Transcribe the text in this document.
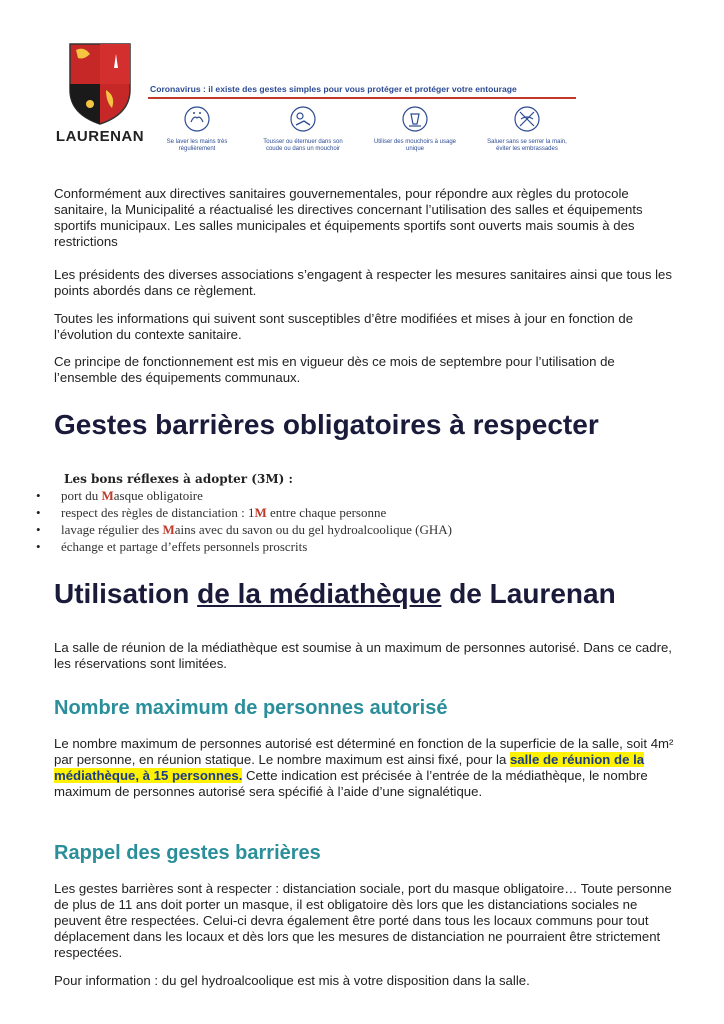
LAURENAN
Coronavirus : il existe des gestes simples pour vous protéger et protéger votre entourage
Se laver les mains très régulièrement
Tousser ou éternuer dans son coude ou dans un mouchoir
Utiliser des mouchoirs à usage unique
Saluer sans se serrer la main, éviter les embrassades
Conformément aux directives sanitaires gouvernementales, pour répondre aux règles du protocole sanitaire, la Municipalité a réactualisé les directives concernant l’utilisation des salles et équipements sportifs municipaux. Les salles municipales et équipements sportifs sont ouverts mais soumis à des restrictions
Les présidents des diverses associations s’engagent à respecter les mesures sanitaires ainsi que tous les points abordés dans ce règlement.
Toutes les informations qui suivent sont susceptibles d’être modifiées et mises à jour en fonction de l’évolution du contexte sanitaire.
Ce principe de fonctionnement est mis en vigueur dès ce mois de septembre pour l’utilisation de l’ensemble des équipements communaux.
Gestes barrières obligatoires à respecter
Les bons réflexes à adopter (3M) :
• port du Masque obligatoire
• respect des règles de distanciation : 1M entre chaque personne
• lavage régulier des Mains avec du savon ou du gel hydroalcoolique (GHA)
• échange et partage d’effets personnels proscrits
Utilisation de la médiathèque de Laurenan
La salle de réunion de la médiathèque est soumise à un maximum de personnes autorisé. Dans ce cadre, les réservations sont limitées.
Nombre maximum de personnes autorisé
Le nombre maximum de personnes autorisé est déterminé en fonction de la superficie de la salle, soit 4m² par personne, en réunion statique. Le nombre maximum est ainsi fixé, pour la salle de réunion de la médiathèque, à 15 personnes. Cette indication est précisée à l’entrée de la médiathèque, le nombre maximum de personnes autorisé sera spécifié à l’aide d’une signalétique.
Rappel des gestes barrières
Les gestes barrières sont à respecter : distanciation sociale, port du masque obligatoire… Toute personne de plus de 11 ans doit porter un masque, il est obligatoire dès lors que les distanciations sociales ne peuvent être respectées. Celui-ci devra également être porté dans tous les locaux communs pour tout déplacement dans les locaux et dès lors que les mesures de distanciation ne pourraient être strictement respectées.
Pour information : du gel hydroalcoolique est mis à votre disposition dans la salle.
